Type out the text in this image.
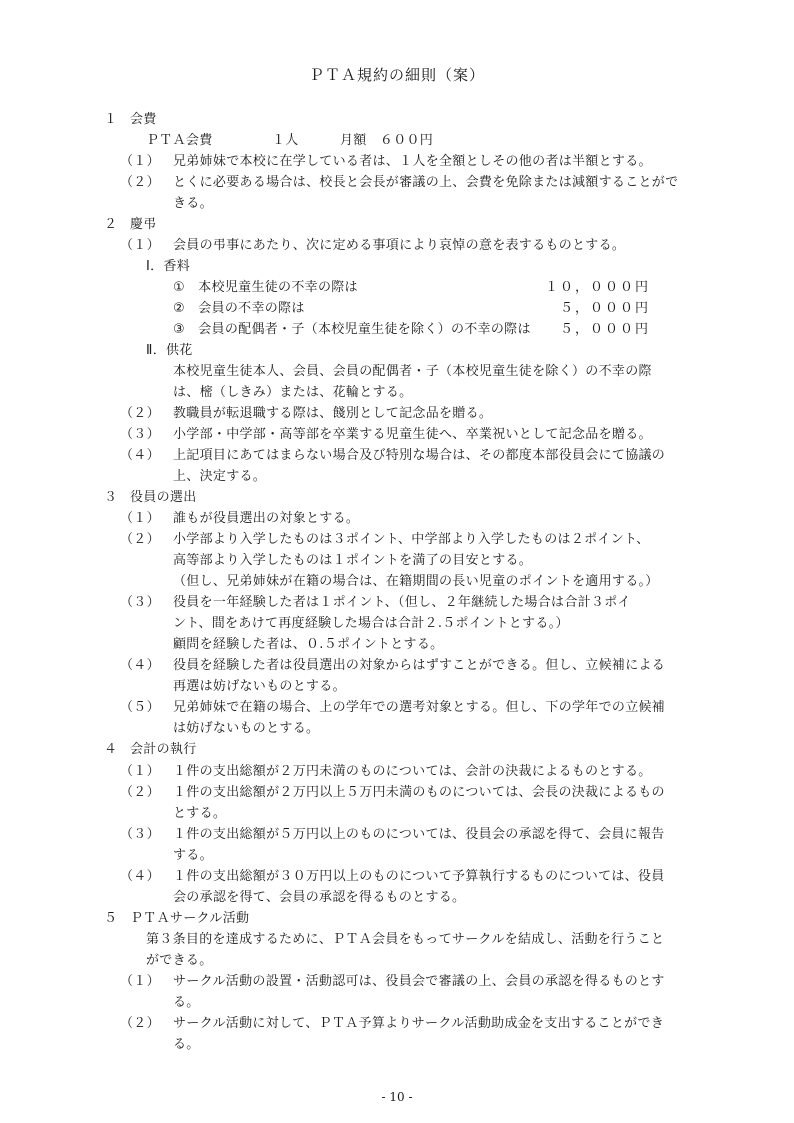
ＰＴＡ規約の細則（案）
１ 会費
ＰＴＡ会費	１人	月額　６００円
（１） 兄弟姉妹で本校に在学している者は、１人を全額としその他の者は半額とする。
（２） とくに必要ある場合は、校長と会長が審議の上、会費を免除または減額することがで
きる。
２ 慶弔
（１） 会員の弔事にあたり、次に定める事項により哀悼の意を表するものとする。
Ⅰ．香料
①　本校児童生徒の不幸の際は	１０，０００円
②　会員の不幸の際は	５，０００円
③　会員の配偶者・子（本校児童生徒を除く）の不幸の際は	５，０００円
Ⅱ．供花
本校児童生徒本人、会員、会員の配偶者・子（本校児童生徒を除く）の不幸の際
は、樒（しきみ）または、花輪とする。
（２） 教職員が転退職する際は、餞別として記念品を贈る。
（３） 小学部・中学部・高等部を卒業する児童生徒へ、卒業祝いとして記念品を贈る。
（４） 上記項目にあてはまらない場合及び特別な場合は、その都度本部役員会にて協議の
上、決定する。
３ 役員の選出
（１） 誰もが役員選出の対象とする。
（２） 小学部より入学したものは３ポイント、中学部より入学したものは２ポイント、
高等部より入学したものは１ポイントを満了の目安とする。
（但し、兄弟姉妹が在籍の場合は、在籍期間の長い児童のポイントを適用する。）
（３） 役員を一年経験した者は１ポイント、（但し、２年継続した場合は合計３ポイ
ント、間をあけて再度経験した場合は合計２.５ポイントとする。）
顧問を経験した者は、０.５ポイントとする。
（４） 役員を経験した者は役員選出の対象からはずすことができる。但し、立候補による
再選は妨げないものとする。
（５） 兄弟姉妹で在籍の場合、上の学年での選考対象とする。但し、下の学年での立候補
は妨げないものとする。
４ 会計の執行
（１） １件の支出総額が２万円未満のものについては、会計の決裁によるものとする。
（２） １件の支出総額が２万円以上５万円未満のものについては、会長の決裁によるもの
とする。
（３） １件の支出総額が５万円以上のものについては、役員会の承認を得て、会員に報告
する。
（４） １件の支出総額が３０万円以上のものについて予算執行するものについては、役員
会の承認を得て、会員の承認を得るものとする。
５ ＰＴＡサークル活動
第３条目的を達成するために、ＰＴＡ会員をもってサークルを結成し、活動を行うこと
ができる。
（１） サークル活動の設置・活動認可は、役員会で審議の上、会員の承認を得るものとす
る。
（２） サークル活動に対して、ＰＴＡ予算よりサークル活動助成金を支出することができ
る。
- 10 -
